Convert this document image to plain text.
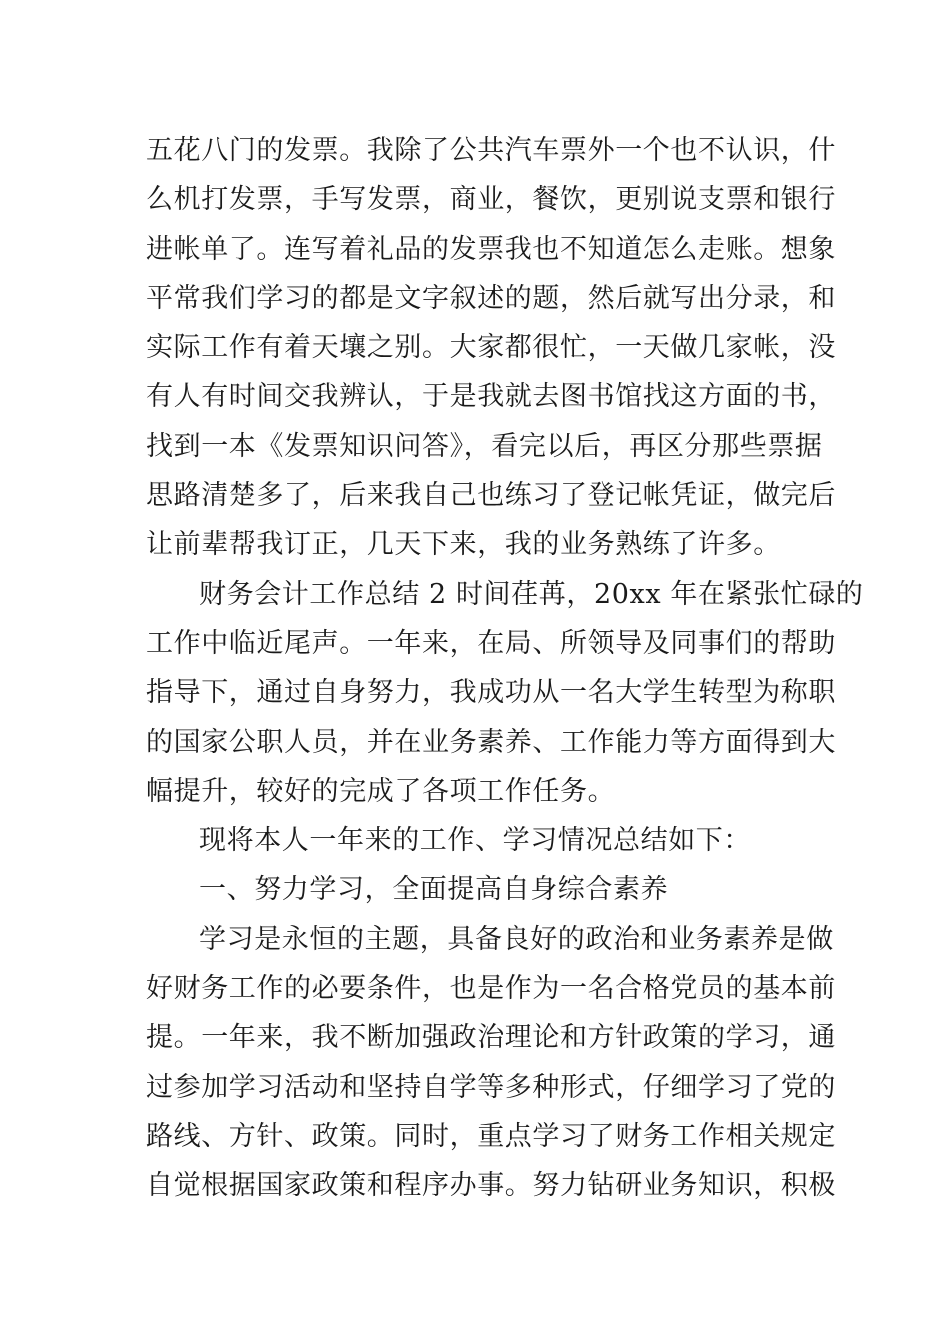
五花八门的发票。我除了公共汽车票外一个也不认识，什
么机打发票，手写发票，商业，餐饮，更别说支票和银行
进帐单了。连写着礼品的发票我也不知道怎么走账。想象
平常我们学习的都是文字叙述的题，然后就写出分录，和
实际工作有着天壤之别。大家都很忙，一天做几家帐，没
有人有时间交我辨认，于是我就去图书馆找这方面的书，
找到一本《发票知识问答》，看完以后，再区分那些票据
思路清楚多了，后来我自己也练习了登记帐凭证，做完后
让前辈帮我订正，几天下来，我的业务熟练了许多。
财务会计工作总结 2 时间荏苒，20xx 年在紧张忙碌的
工作中临近尾声。一年来，在局、所领导及同事们的帮助
指导下，通过自身努力，我成功从一名大学生转型为称职
的国家公职人员，并在业务素养、工作能力等方面得到大
幅提升，较好的完成了各项工作任务。
现将本人一年来的工作、学习情况总结如下：
一、努力学习，全面提高自身综合素养
学习是永恒的主题，具备良好的政治和业务素养是做
好财务工作的必要条件，也是作为一名合格党员的基本前
提。一年来，我不断加强政治理论和方针政策的学习，通
过参加学习活动和坚持自学等多种形式，仔细学习了党的
路线、方针、政策。同时，重点学习了财务工作相关规定
自觉根据国家政策和程序办事。努力钻研业务知识，积极
